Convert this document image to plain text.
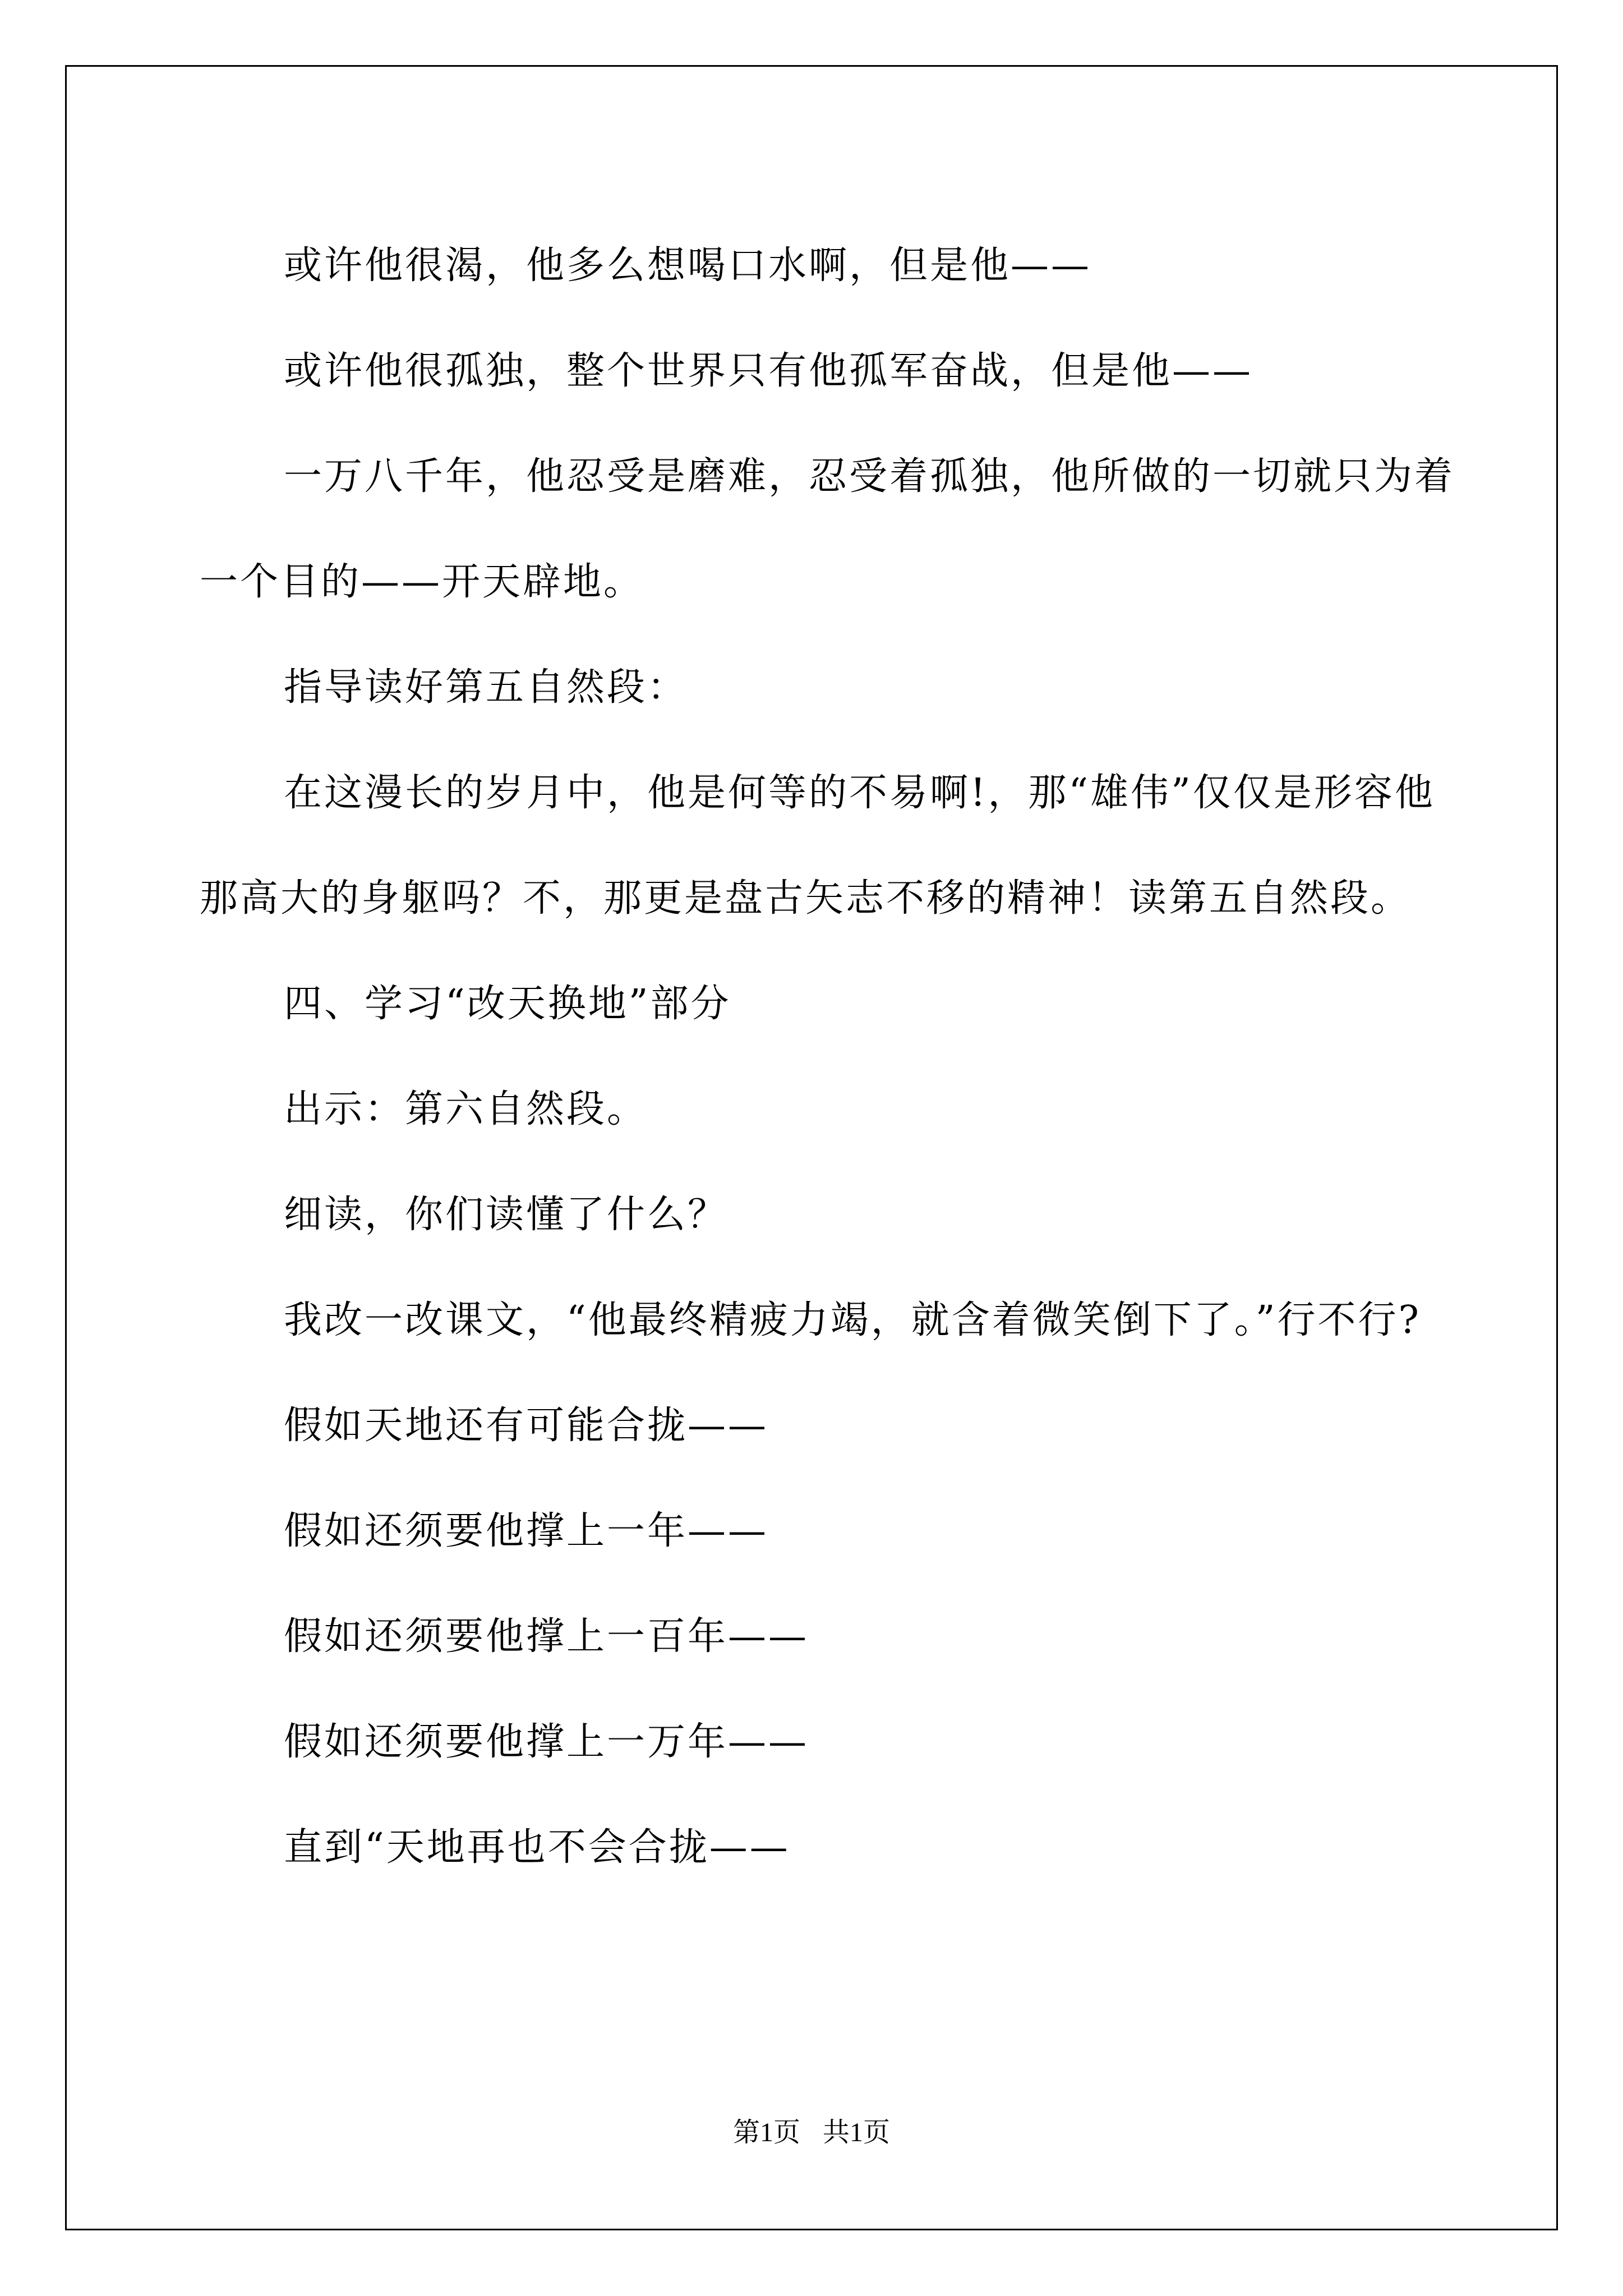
或许他很渴，他多么想喝口水啊，但是他——

或许他很孤独，整个世界只有他孤军奋战，但是他——

一万八千年，他忍受是磨难，忍受着孤独，他所做的一切就只为着一个目的——开天辟地。

指导读好第五自然段：

在这漫长的岁月中，他是何等的不易啊!，那“雄伟”仅仅是形容他那高大的身躯吗？不，那更是盘古矢志不移的精神！读第五自然段。

四、学习“改天换地”部分

出示：第六自然段。

细读，你们读懂了什么？

我改一改课文，“他最终精疲力竭，就含着微笑倒下了。”行不行?

假如天地还有可能合拢——

假如还须要他撑上一年——

假如还须要他撑上一百年——

假如还须要他撑上一万年——

直到“天地再也不会合拢——

第1页 共1页
